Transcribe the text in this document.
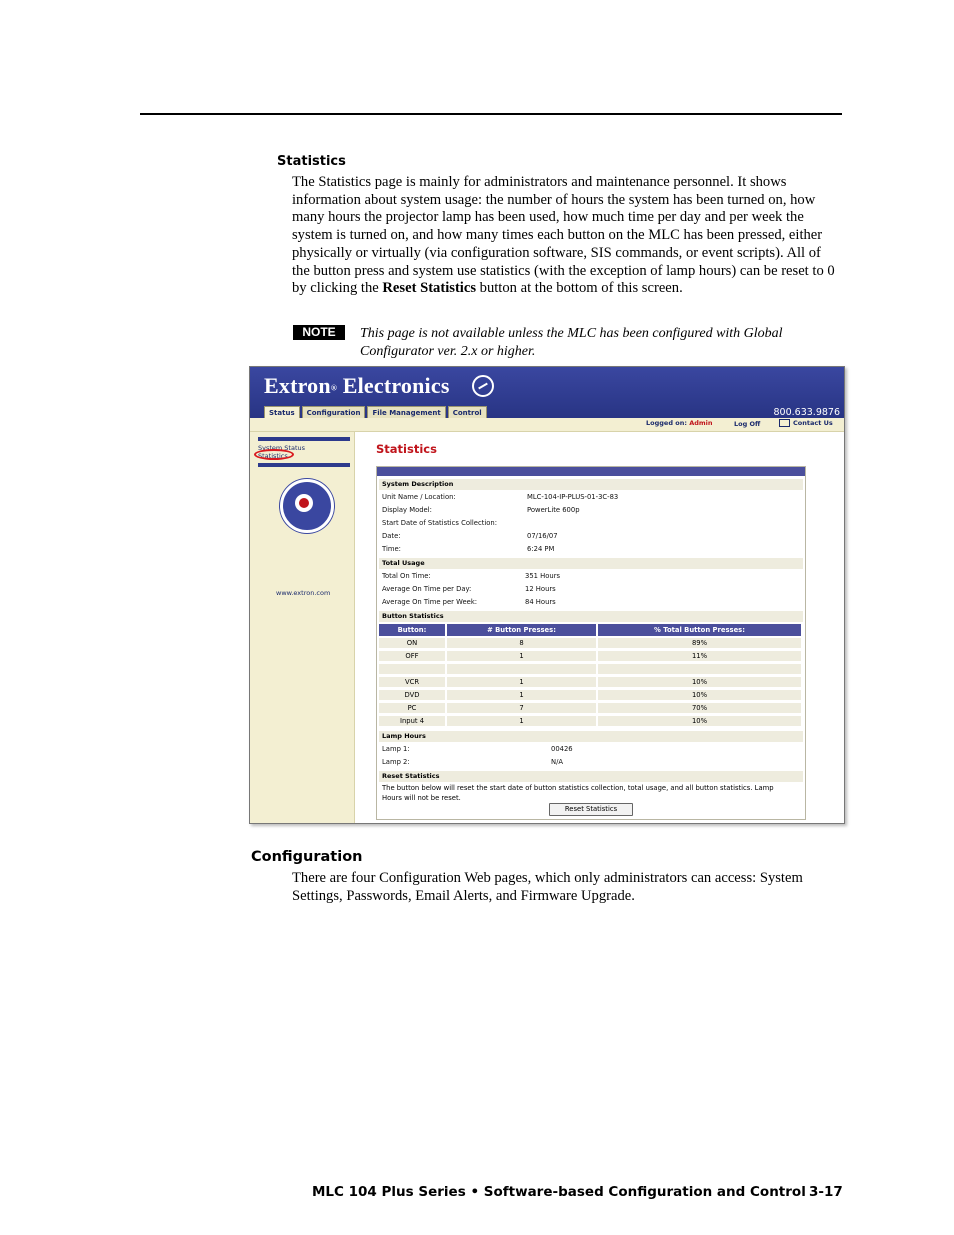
Statistics

The Statistics page is mainly for administrators and maintenance personnel. It shows information about system usage: the number of hours the system has been turned on, how many hours the projector lamp has been used, how much time per day and per week the system is turned on, and how many times each button on the MLC has been pressed, either physically or virtually (via configuration software, SIS commands, or event scripts). All of the button press and system use statistics (with the exception of lamp hours) can be reset to 0 by clicking the Reset Statistics button at the bottom of this screen.

NOTE	This page is not available unless the MLC has been configured with Global Configurator ver. 2.x or higher.

Extron® Electronics
Status	Configuration	File Management	Control	800.633.9876
Logged on: Admin	Log Off	Contact Us
System Status
Statistics
www.extron.com
Statistics
System Description
Unit Name / Location:	MLC-104-IP-PLUS-01-3C-83
Display Model:	PowerLite 600p
Start Date of Statistics Collection:
Date:	07/16/07
Time:	6:24 PM
Total Usage
Total On Time:	351 Hours
Average On Time per Day:	12 Hours
Average On Time per Week:	84 Hours
Button Statistics
Button:	# Button Presses:	% Total Button Presses:
ON	8	89%
OFF	1	11%
VCR	1	10%
DVD	1	10%
PC	7	70%
Input 4	1	10%
Lamp Hours
Lamp 1:	00426
Lamp 2:	N/A
Reset Statistics
The button below will reset the start date of button statistics collection, total usage, and all button statistics. Lamp Hours will not be reset.
Reset Statistics
Configuration

There are four Configuration Web pages, which only administrators can access: System Settings, Passwords, Email Alerts, and Firmware Upgrade.

MLC 104 Plus Series • Software-based Configuration and Control 3-17
